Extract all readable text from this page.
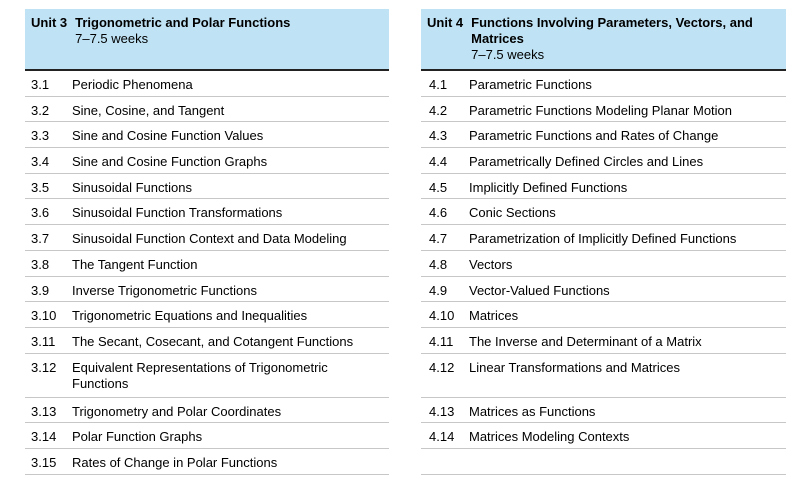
Unit 3 Trigonometric and Polar Functions
7–7.5 weeks
3.1	Periodic Phenomena
3.2	Sine, Cosine, and Tangent
3.3	Sine and Cosine Function Values
3.4	Sine and Cosine Function Graphs
3.5	Sinusoidal Functions
3.6	Sinusoidal Function Transformations
3.7	Sinusoidal Function Context and Data Modeling
3.8	The Tangent Function
3.9	Inverse Trigonometric Functions
3.10	Trigonometric Equations and Inequalities
3.11	The Secant, Cosecant, and Cotangent Functions
3.12	Equivalent Representations of Trigonometric Functions
3.13	Trigonometry and Polar Coordinates
3.14	Polar Function Graphs
3.15	Rates of Change in Polar Functions
Unit 4 Functions Involving Parameters, Vectors, and Matrices
7–7.5 weeks
4.1	Parametric Functions
4.2	Parametric Functions Modeling Planar Motion
4.3	Parametric Functions and Rates of Change
4.4	Parametrically Defined Circles and Lines
4.5	Implicitly Defined Functions
4.6	Conic Sections
4.7	Parametrization of Implicitly Defined Functions
4.8	Vectors
4.9	Vector-Valued Functions
4.10	Matrices
4.11	The Inverse and Determinant of a Matrix
4.12	Linear Transformations and Matrices
4.13	Matrices as Functions
4.14	Matrices Modeling Contexts
